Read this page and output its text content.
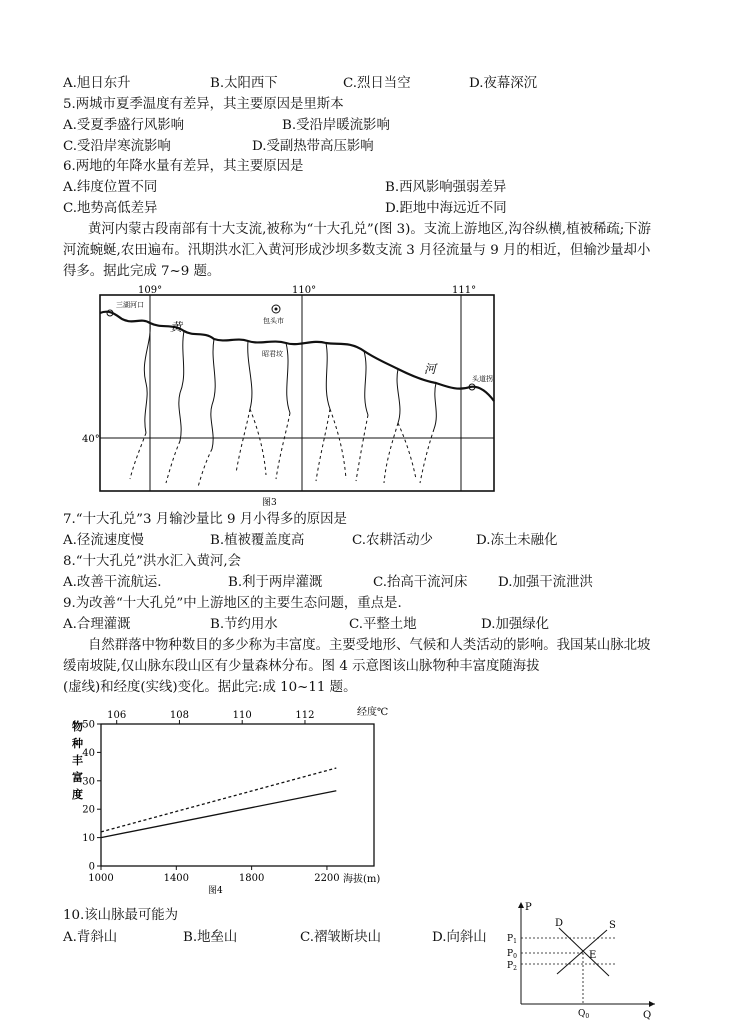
A.旭日东升	B.太阳西下	C.烈日当空	D.夜幕深沉
5.两城市夏季温度有差异，其主要原因是里斯本
A.受夏季盛行风影响	B.受沿岸暖流影响
C.受沿岸寒流影响	D.受副热带高压影响
6.两地的年降水量有差异，其主要原因是
A.纬度位置不同	B.西风影响强弱差异
C.地势高低差异	D.距地中海远近不同
黄河内蒙古段南部有十大支流,被称为“十大孔兑”(图 3)。支流上游地区,沟谷纵横,植被稀疏;下游
河流蜿蜒,农田遍布。汛期洪水汇入黄河形成沙坝多数支流 3 月径流量与 9 月的相近，但输沙量却小
得多。据此完成 7~9 题。
109°	110°	111°
40°
三湖河口
包头市
昭君坟
头道拐
黄
河
图3
7.“十大孔兑”3 月输沙量比 9 月小得多的原因是
A.径流速度慢	B.植被覆盖度高	C.农耕活动少	D.冻土未融化
8.“十大孔兑”洪水汇入黄河,会
A.改善干流航运.	B.利于两岸灌溉	C.抬高干流河床 D.加强干流泄洪
9.为改善“十大孔兑”中上游地区的主要生态问题，重点是.
A.合理灌溉	B.节约用水	C.平整土地	D.加强绿化
自然群落中物种数目的多少称为丰富度。主要受地形、气候和人类活动的影响。我国某山脉北坡
缓南坡陡,仅山脉东段山区有少量森林分布。图 4 示意图该山脉物种丰富度随海拔
(虚线)和经度(实线)变化。据此完:成 10~11 题。
物
种
丰
富
度
经度℃
海拔(m)
图4
0
10
20
30
40
50
1000	1400	1800	2200
106	108	110	112
10.该山脉最可能为
A.背斜山	B.地垒山	C.褶皱断块山	D.向斜山
P
Q
D	S
E
$P_1$
$P_0$
$P_2$
$Q_0$
